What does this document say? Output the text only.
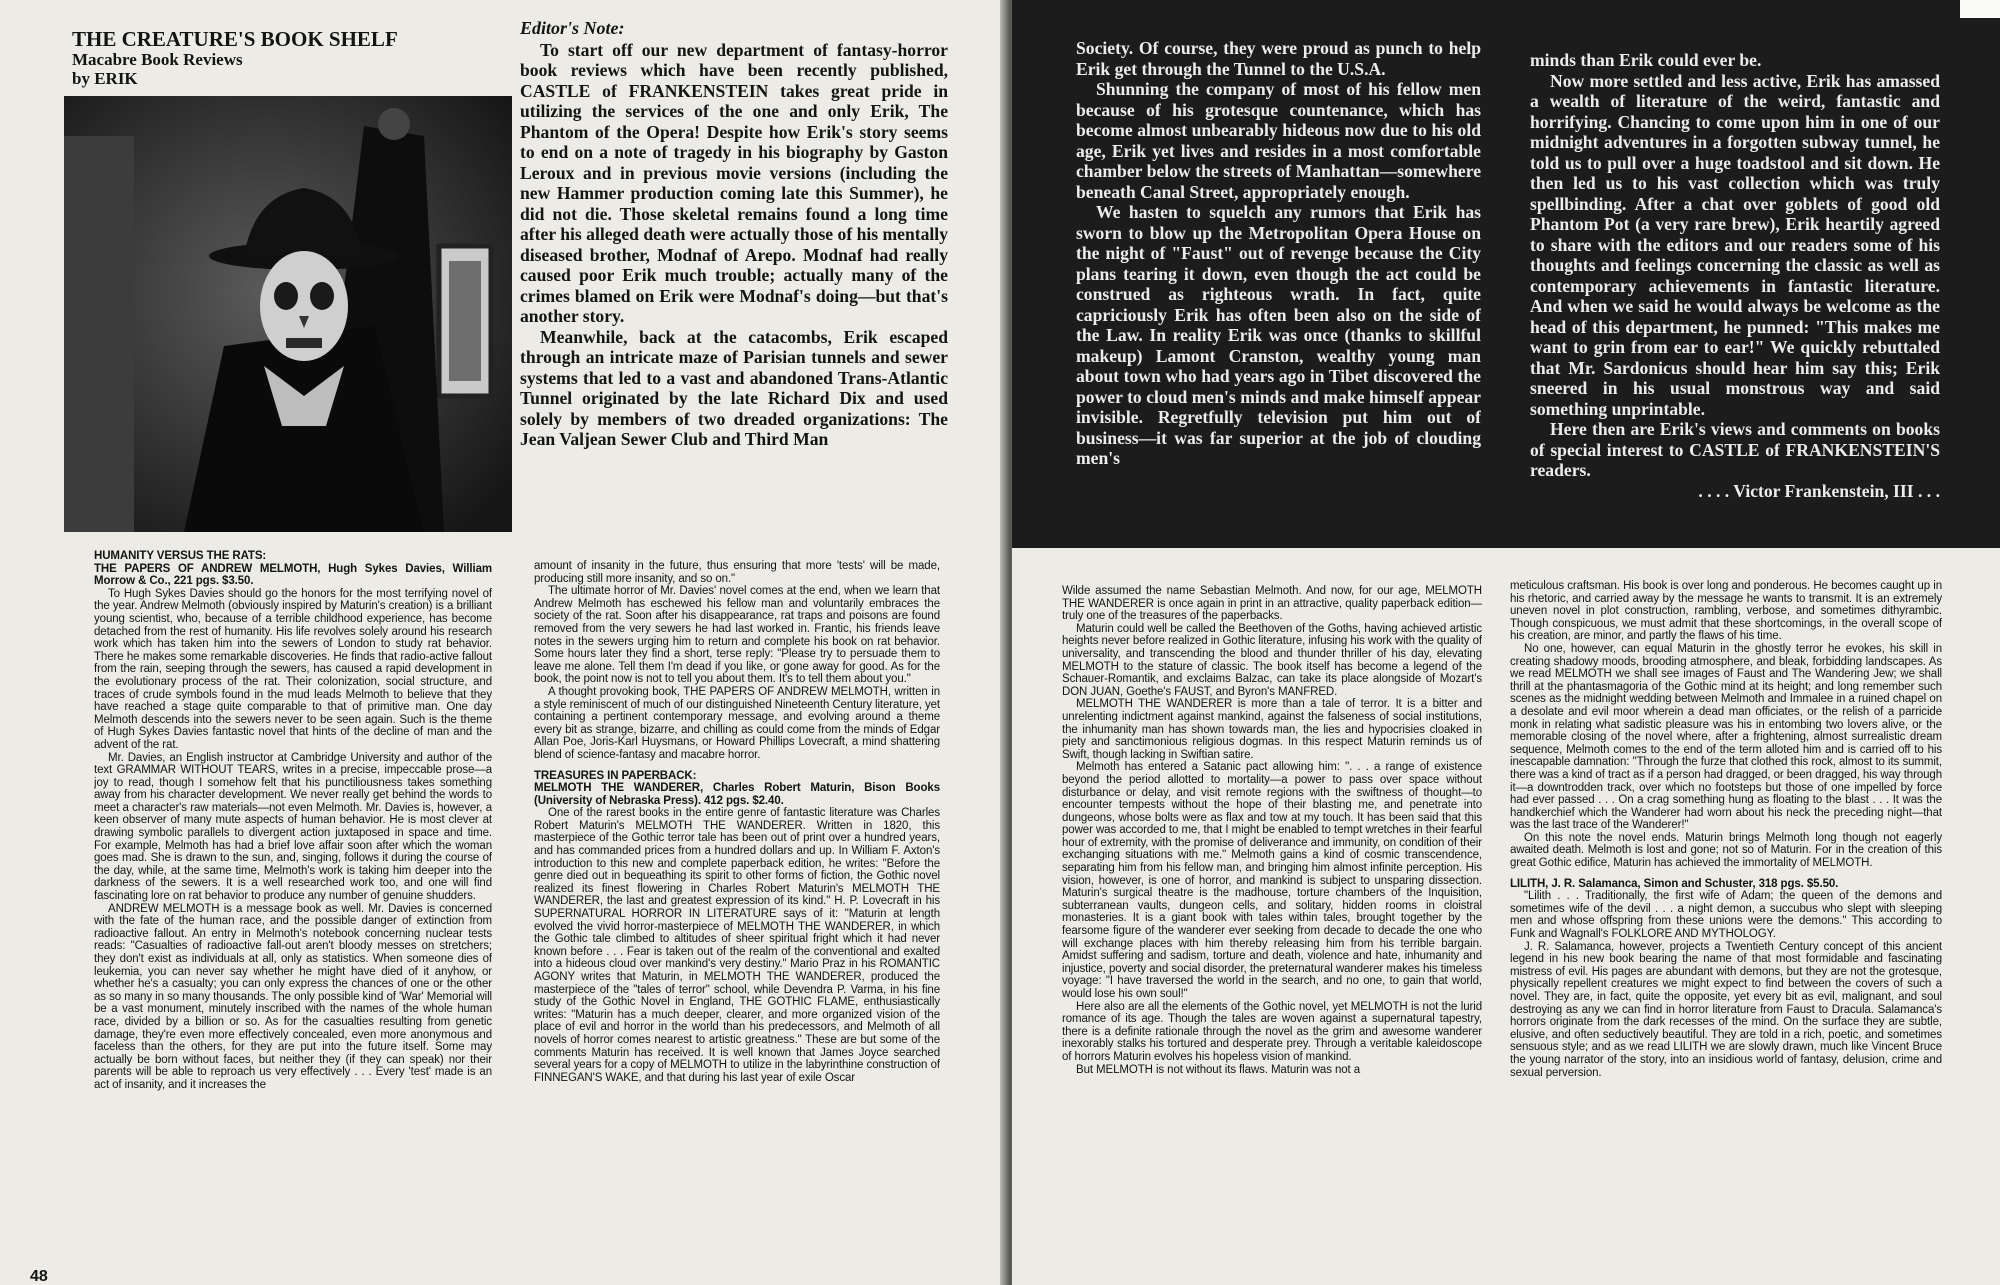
THE CREATURE'S BOOK SHELF
Macabre Book Reviews
by ERIK
Editor's Note:

To start off our new department of fantasy-horror book reviews which have been recently published, CASTLE of FRANKENSTEIN takes great pride in utilizing the services of the one and only Erik, The Phantom of the Opera! Despite how Erik's story seems to end on a note of tragedy in his biography by Gaston Leroux and in previous movie versions (including the new Hammer production coming late this Summer), he did not die. Those skeletal remains found a long time after his alleged death were actually those of his mentally diseased brother, Modnaf of Arepo. Modnaf had really caused poor Erik much trouble; actually many of the crimes blamed on Erik were Modnaf's doing—but that's another story.

Meanwhile, back at the catacombs, Erik escaped through an intricate maze of Parisian tunnels and sewer systems that led to a vast and abandoned Trans-Atlantic Tunnel originated by the late Richard Dix and used solely by members of two dreaded organizations: The Jean Valjean Sewer Club and Third Man

HUMANITY VERSUS THE RATS:

THE PAPERS OF ANDREW MELMOTH, Hugh Sykes Davies, William Morrow & Co., 221 pgs. $3.50.

To Hugh Sykes Davies should go the honors for the most terrifying novel of the year. Andrew Melmoth (obviously inspired by Maturin's creation) is a brilliant young scientist, who, because of a terrible childhood experience, has become detached from the rest of humanity. His life revolves solely around his research work which has taken him into the sewers of London to study rat behavior. There he makes some remarkable discoveries. He finds that radio-active fallout from the rain, seeping through the sewers, has caused a rapid development in the evolutionary process of the rat. Their colonization, social structure, and traces of crude symbols found in the mud leads Melmoth to believe that they have reached a stage quite comparable to that of primitive man. One day Melmoth descends into the sewers never to be seen again. Such is the theme of Hugh Sykes Davies fantastic novel that hints of the decline of man and the advent of the rat.

Mr. Davies, an English instructor at Cambridge University and author of the text GRAMMAR WITHOUT TEARS, writes in a precise, impeccable prose—a joy to read, though I somehow felt that his punctiliousness takes something away from his character development. We never really get behind the words to meet a character's raw materials—not even Melmoth. Mr. Davies is, however, a keen observer of many mute aspects of human behavior. He is most clever at drawing symbolic parallels to divergent action juxtaposed in space and time. For example, Melmoth has had a brief love affair soon after which the woman goes mad. She is drawn to the sun, and, singing, follows it during the course of the day, while, at the same time, Melmoth's work is taking him deeper into the darkness of the sewers. It is a well researched work too, and one will find fascinating lore on rat behavior to produce any number of genuine shudders.

ANDREW MELMOTH is a message book as well. Mr. Davies is concerned with the fate of the human race, and the possible danger of extinction from radioactive fallout. An entry in Melmoth's notebook concerning nuclear tests reads: "Casualties of radioactive fall-out aren't bloody messes on stretchers; they don't exist as individuals at all, only as statistics. When someone dies of leukemia, you can never say whether he might have died of it anyhow, or whether he's a casualty; you can only express the chances of one or the other as so many in so many thousands. The only possible kind of 'War' Memorial will be a vast monument, minutely inscribed with the names of the whole human race, divided by a billion or so. As for the casualties resulting from genetic damage, they're even more effectively concealed, even more anonymous and faceless than the others, for they are put into the future itself. Some may actually be born without faces, but neither they (if they can speak) nor their parents will be able to reproach us very effectively . . . Every 'test' made is an act of insanity, and it increases the

amount of insanity in the future, thus ensuring that more 'tests' will be made, producing still more insanity, and so on."

The ultimate horror of Mr. Davies' novel comes at the end, when we learn that Andrew Melmoth has eschewed his fellow man and voluntarily embraces the society of the rat. Soon after his disappearance, rat traps and poisons are found removed from the very sewers he had last worked in. Frantic, his friends leave notes in the sewers urging him to return and complete his book on rat behavior. Some hours later they find a short, terse reply: "Please try to persuade them to leave me alone. Tell them I'm dead if you like, or gone away for good. As for the book, the point now is not to tell you about them. It's to tell them about you."

A thought provoking book, THE PAPERS OF ANDREW MELMOTH, written in a style reminiscent of much of our distinguished Nineteenth Century literature, yet containing a pertinent contemporary message, and evolving around a theme every bit as strange, bizarre, and chilling as could come from the minds of Edgar Allan Poe, Joris-Karl Huysmans, or Howard Phillips Lovecraft, a mind shattering blend of science-fantasy and macabre horror.

TREASURES IN PAPERBACK:

MELMOTH THE WANDERER, Charles Robert Maturin, Bison Books (University of Nebraska Press). 412 pgs. $2.40.

One of the rarest books in the entire genre of fantastic literature was Charles Robert Maturin's MELMOTH THE WANDERER. Written in 1820, this masterpiece of the Gothic terror tale has been out of print over a hundred years, and has commanded prices from a hundred dollars and up. In William F. Axton's introduction to this new and complete paperback edition, he writes: "Before the genre died out in bequeathing its spirit to other forms of fiction, the Gothic novel realized its finest flowering in Charles Robert Maturin's MELMOTH THE WANDERER, the last and greatest expression of its kind." H. P. Lovecraft in his SUPERNATURAL HORROR IN LITERATURE says of it: "Maturin at length evolved the vivid horror-masterpiece of MELMOTH THE WANDERER, in which the Gothic tale climbed to altitudes of sheer spiritual fright which it had never known before . . . Fear is taken out of the realm of the conventional and exalted into a hideous cloud over mankind's very destiny." Mario Praz in his ROMANTIC AGONY writes that Maturin, in MELMOTH THE WANDERER, produced the masterpiece of the "tales of terror" school, while Devendra P. Varma, in his fine study of the Gothic Novel in England, THE GOTHIC FLAME, enthusiastically writes: "Maturin has a much deeper, clearer, and more organized vision of the place of evil and horror in the world than his predecessors, and Melmoth of all novels of horror comes nearest to artistic greatness." These are but some of the comments Maturin has received. It is well known that James Joyce searched several years for a copy of MELMOTH to utilize in the labyrinthine construction of FINNEGAN'S WAKE, and that during his last year of exile Oscar

48

Society. Of course, they were proud as punch to help Erik get through the Tunnel to the U.S.A.

Shunning the company of most of his fellow men because of his grotesque countenance, which has become almost unbearably hideous now due to his old age, Erik yet lives and resides in a most comfortable chamber below the streets of Manhattan—somewhere beneath Canal Street, appropriately enough.

We hasten to squelch any rumors that Erik has sworn to blow up the Metropolitan Opera House on the night of "Faust" out of revenge because the City plans tearing it down, even though the act could be construed as righteous wrath. In fact, quite capriciously Erik has often been also on the side of the Law. In reality Erik was once (thanks to skillful makeup) Lamont Cranston, wealthy young man about town who had years ago in Tibet discovered the power to cloud men's minds and make himself appear invisible. Regretfully television put him out of business—it was far superior at the job of clouding men's

minds than Erik could ever be.

Now more settled and less active, Erik has amassed a wealth of literature of the weird, fantastic and horrifying. Chancing to come upon him in one of our midnight adventures in a forgotten subway tunnel, he told us to pull over a huge toadstool and sit down. He then led us to his vast collection which was truly spellbinding. After a chat over goblets of good old Phantom Pot (a very rare brew), Erik heartily agreed to share with the editors and our readers some of his thoughts and feelings concerning the classic as well as contemporary achievements in fantastic literature. And when we said he would always be welcome as the head of this department, he punned: "This makes me want to grin from ear to ear!" We quickly rebuttaled that Mr. Sardonicus should hear him say this; Erik sneered in his usual monstrous way and said something unprintable.

Here then are Erik's views and comments on books of special interest to CASTLE of FRANKENSTEIN'S readers.

. . . . Victor Frankenstein, III . . .

Wilde assumed the name Sebastian Melmoth. And now, for our age, MELMOTH THE WANDERER is once again in print in an attractive, quality paperback edition—truly one of the treasures of the paperbacks.

Maturin could well be called the Beethoven of the Goths, having achieved artistic heights never before realized in Gothic literature, infusing his work with the quality of universality, and transcending the blood and thunder thriller of his day, elevating MELMOTH to the stature of classic. The book itself has become a legend of the Schauer-Romantik, and exclaims Balzac, can take its place alongside of Mozart's DON JUAN, Goethe's FAUST, and Byron's MANFRED.

MELMOTH THE WANDERER is more than a tale of terror. It is a bitter and unrelenting indictment against mankind, against the falseness of social institutions, the inhumanity man has shown towards man, the lies and hypocrisies cloaked in piety and sanctimonious religious dogmas. In this respect Maturin reminds us of Swift, though lacking in Swiftian satire.

Melmoth has entered a Satanic pact allowing him: ". . . a range of existence beyond the period allotted to mortality—a power to pass over space without disturbance or delay, and visit remote regions with the swiftness of thought—to encounter tempests without the hope of their blasting me, and penetrate into dungeons, whose bolts were as flax and tow at my touch. It has been said that this power was accorded to me, that I might be enabled to tempt wretches in their fearful hour of extremity, with the promise of deliverance and immunity, on condition of their exchanging situations with me." Melmoth gains a kind of cosmic transcendence, separating him from his fellow man, and bringing him almost infinite perception. His vision, however, is one of horror, and mankind is subject to unsparing dissection. Maturin's surgical theatre is the madhouse, torture chambers of the Inquisition, subterranean vaults, dungeon cells, and solitary, hidden rooms in cloistral monasteries. It is a giant book with tales within tales, brought together by the fearsome figure of the wanderer ever seeking from decade to decade the one who will exchange places with him thereby releasing him from his terrible bargain. Amidst suffering and sadism, torture and death, violence and hate, inhumanity and injustice, poverty and social disorder, the preternatural wanderer makes his timeless voyage: "I have traversed the world in the search, and no one, to gain that world, would lose his own soul!"

Here also are all the elements of the Gothic novel, yet MELMOTH is not the lurid romance of its age. Though the tales are woven against a supernatural tapestry, there is a definite rationale through the novel as the grim and awesome wanderer inexorably stalks his tortured and desperate prey. Through a veritable kaleidoscope of horrors Maturin evolves his hopeless vision of mankind.

But MELMOTH is not without its flaws. Maturin was not a

meticulous craftsman. His book is over long and ponderous. He becomes caught up in his rhetoric, and carried away by the message he wants to transmit. It is an extremely uneven novel in plot construction, rambling, verbose, and sometimes dithyrambic. Though conspicuous, we must admit that these shortcomings, in the overall scope of his creation, are minor, and partly the flaws of his time.

No one, however, can equal Maturin in the ghostly terror he evokes, his skill in creating shadowy moods, brooding atmosphere, and bleak, forbidding landscapes. As we read MELMOTH we shall see images of Faust and The Wandering Jew; we shall thrill at the phantasmagoria of the Gothic mind at its height; and long remember such scenes as the midnight wedding between Melmoth and Immalee in a ruined chapel on a desolate and evil moor wherein a dead man officiates, or the relish of a parricide monk in relating what sadistic pleasure was his in entombing two lovers alive, or the memorable closing of the novel where, after a frightening, almost surrealistic dream sequence, Melmoth comes to the end of the term alloted him and is carried off to his inescapable damnation: "Through the furze that clothed this rock, almost to its summit, there was a kind of tract as if a person had dragged, or been dragged, his way through it—a downtrodden track, over which no footsteps but those of one impelled by force had ever passed . . . On a crag something hung as floating to the blast . . . It was the handkerchief which the Wanderer had worn about his neck the preceding night—that was the last trace of the Wanderer!"

On this note the novel ends. Maturin brings Melmoth long though not eagerly awaited death. Melmoth is lost and gone; not so of Maturin. For in the creation of this great Gothic edifice, Maturin has achieved the immortality of MELMOTH.

LILITH, J. R. Salamanca, Simon and Schuster, 318 pgs. $5.50.

"Lilith . . . Traditionally, the first wife of Adam; the queen of the demons and sometimes wife of the devil . . . a night demon, a succubus who slept with sleeping men and whose offspring from these unions were the demons." This according to Funk and Wagnall's FOLKLORE AND MYTHOLOGY.

J. R. Salamanca, however, projects a Twentieth Century concept of this ancient legend in his new book bearing the name of that most formidable and fascinating mistress of evil. His pages are abundant with demons, but they are not the grotesque, physically repellent creatures we might expect to find between the covers of such a novel. They are, in fact, quite the opposite, yet every bit as evil, malignant, and soul destroying as any we can find in horror literature from Faust to Dracula. Salamanca's horrors originate from the dark recesses of the mind. On the surface they are subtle, elusive, and often seductively beautiful. They are told in a rich, poetic, and sometimes sensuous style; and as we read LILITH we are slowly drawn, much like Vincent Bruce the young narrator of the story, into an insidious world of fantasy, delusion, crime and sexual perversion.
